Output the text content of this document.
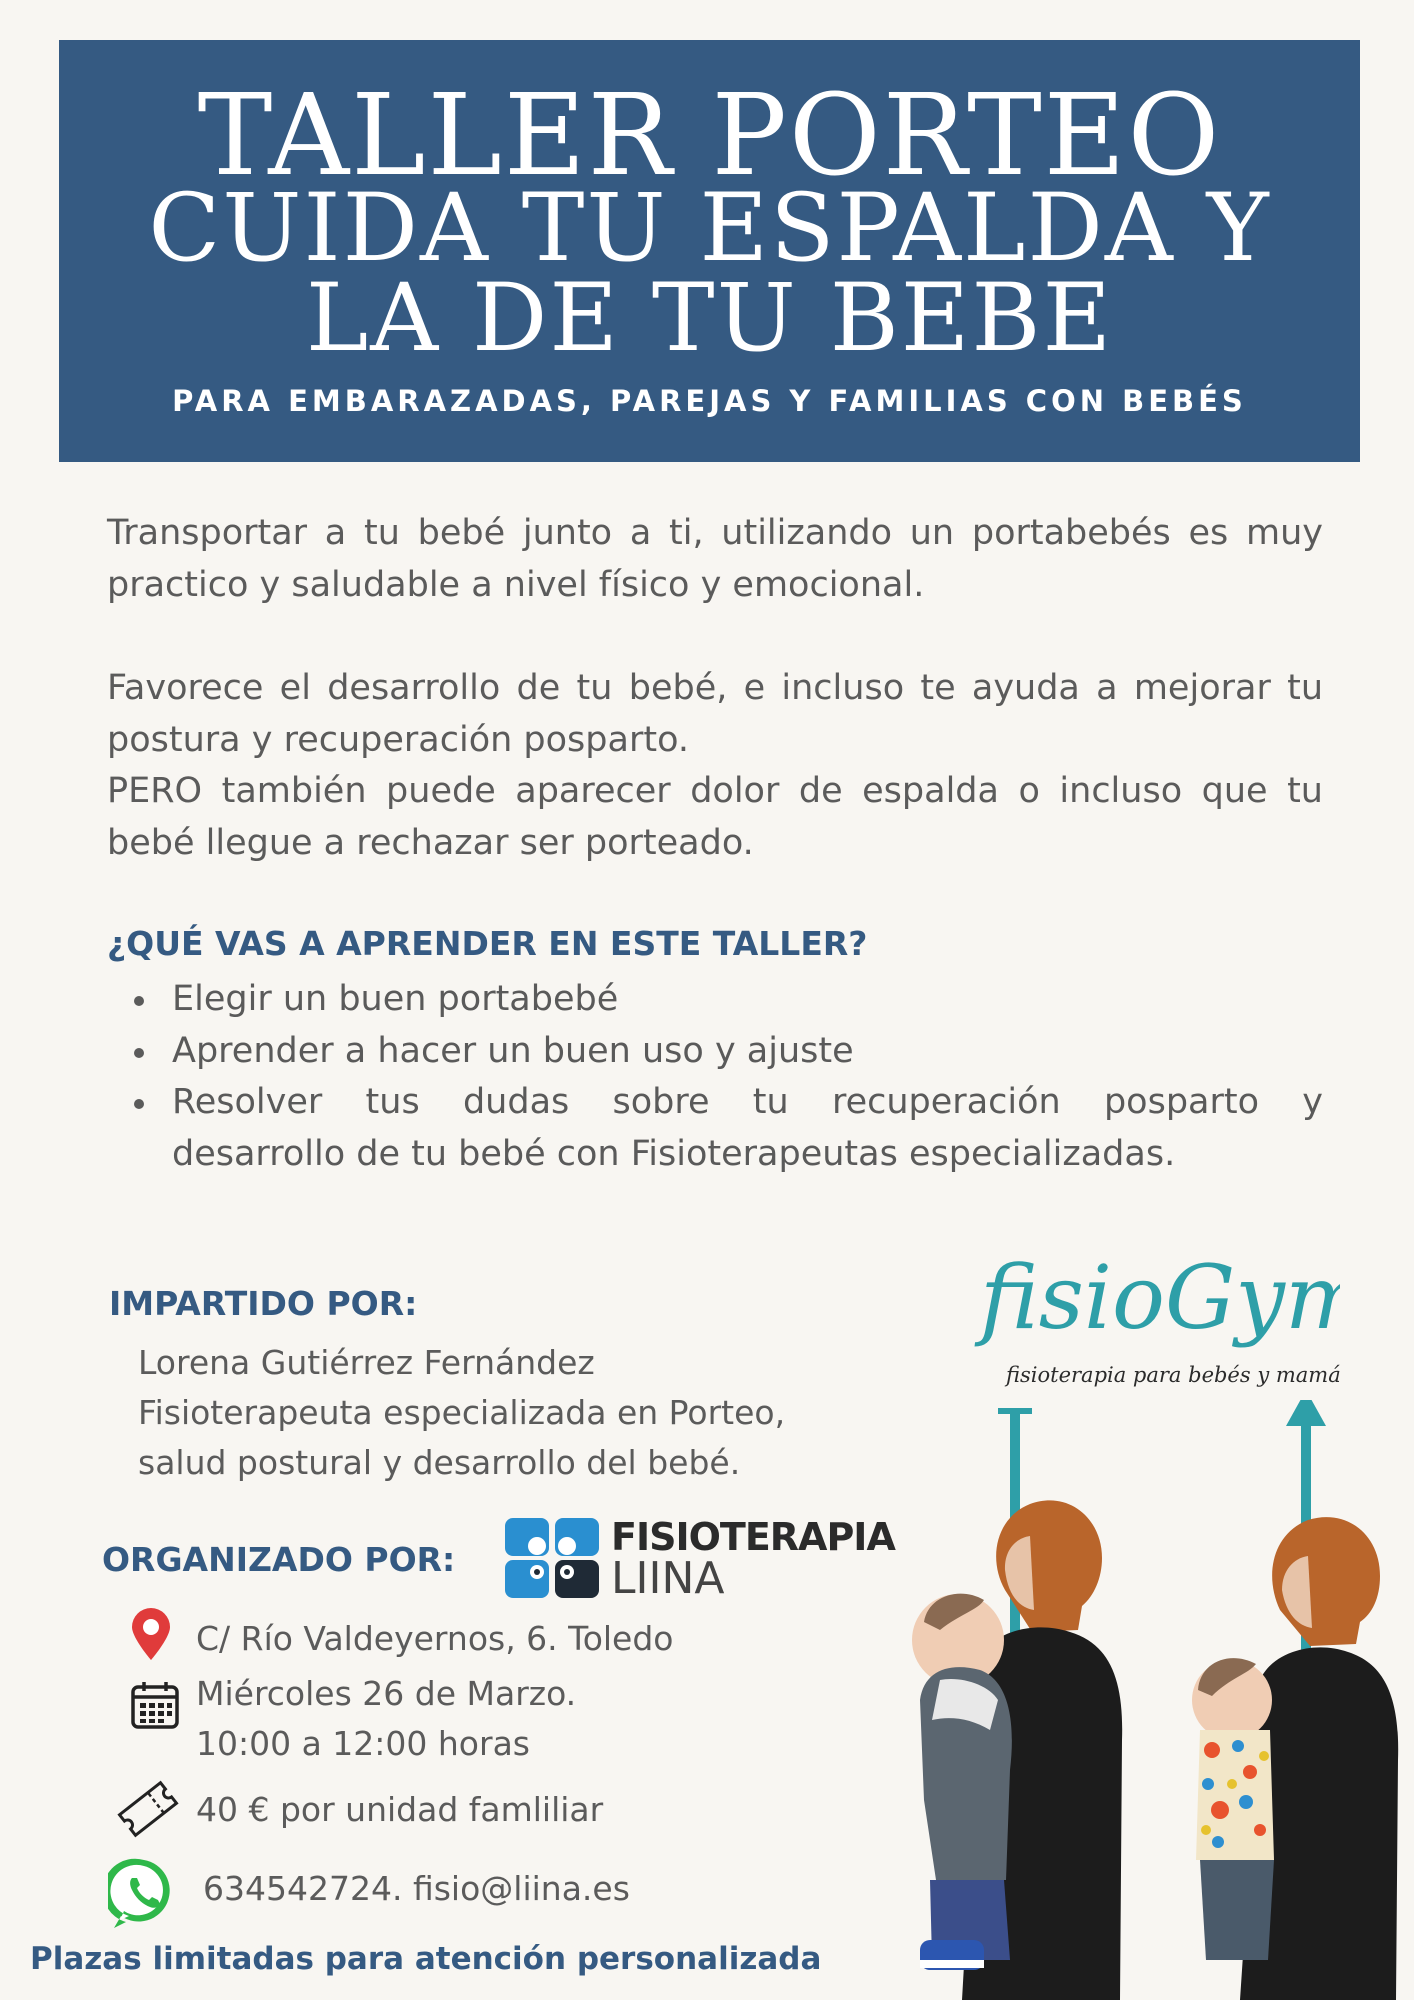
TALLER PORTEO
CUIDA TU ESPALDA Y
LA DE TU BEBE
PARA EMBARAZADAS, PAREJAS Y FAMILIAS CON BEBÉS

Transportar a tu bebé junto a ti, utilizando un portabebés es muy practico y saludable a nivel físico y emocional.

Favorece el desarrollo de tu bebé, e incluso te ayuda a mejorar tu postura y recuperación posparto.

PERO también puede aparecer dolor de espalda o incluso que tu bebé llegue a rechazar ser porteado.

¿QUÉ VAS A APRENDER EN ESTE TALLER?
Elegir un buen portabebé
Aprender a hacer un buen uso y ajuste
Resolver tus dudas sobre tu recuperación posparto y
desarrollo de tu bebé con Fisioterapeutas especializadas.
IMPARTIDO POR:
Lorena Gutiérrez Fernández
Fisioterapeuta especializada en Porteo,
salud postural y desarrollo del bebé.
ORGANIZADO POR:
FISIOTERAPIA
LIINA
C/ Río Valdeyernos, 6. Toledo
Miércoles 26 de Marzo.
10:00 a 12:00 horas
40 € por unidad famliliar
634542724. fisio@liina.es
Plazas limitadas para atención personalizada
fisioGym
fisioterapia para bebés y mamás
